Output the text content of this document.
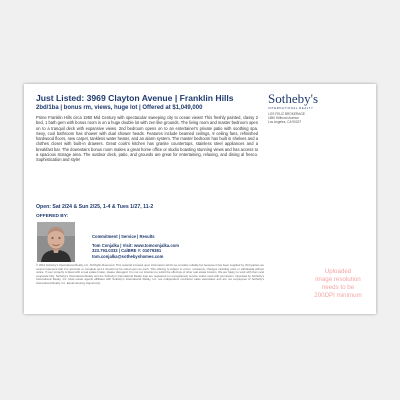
Just Listed: 3969 Clayton Avenue | Franklin Hills
2bd/1ba | bonus rm, views, huge lot | Offered at $1,049,000
Sotheby's
INTERNATIONAL REALTY
LOS FELIZ BROKERAGE
1850 Hillhurst Avenue
Los Angeles, CA 90027
Prime Franklin Hills circa 1950 Mid Century with spectacular sweeping city to ocean views! This freshly painted, classy 2 bed, 1 bath gem with bonus room is on a huge double lot with zen like grounds. The living room and master bedroom open on to a tranquil deck with expansive views. 2nd bedroom opens on to an entertainer's private patio with soothing spa. Sexy, cool bathroom has shower with dual shower heads. Features include beamed ceilings, 9 ceiling fans, refinished hardwood floors, new carpet, tankless water heater, and an alarm system. The master bedroom has built in shelves and a clothes closet with built-in drawers. Great cook's kitchen has granite countertops, stainless steel appliances and a breakfast bar. The downstairs bonus room makes a great home office or studio boasting stunning views and has access to a spacious storage area. The outdoor deck, patio, and grounds are great for entertaining, relaxing, and dining al fresco. Sophistication and style!
Open: Sat 2/24 & Sun 2/25, 1-4 & Tues 1/27, 11-2
OFFERED BY:
Commitment | Service | Results
Tom Conjalka | Visit: www.tomconjalka.com
323.793.0333 | CalBRE #: 01079381
tom.conjalka@sothebyshomes.com
© 2012 Sotheby's International Realty, Inc. All Rights Reserved. This material is based upon information which we consider reliable but because it has been supplied by third parties we cannot represent that it is accurate or complete and it should not be relied upon as such. This offering is subject to errors, omissions, changes including price or withdrawal without notice. If your property is listed with a real estate broker, please disregard. It is not our intention to solicit the offerings of other real estate brokers. We are happy to work with them and cooperate fully. Sotheby's International Realty and the Sotheby's International Realty logo are registered (or unregistered) service marks used with permission. Operated by Sotheby's International Realty, Inc. Real estate agents affiliated with Sotheby's International Realty, Inc. are independent contractor sales associates and are not employees of Sotheby's International Realty, Inc. Equal Housing Opportunity.
Uploaded
image resolution
needs to be
200DPI minimum
